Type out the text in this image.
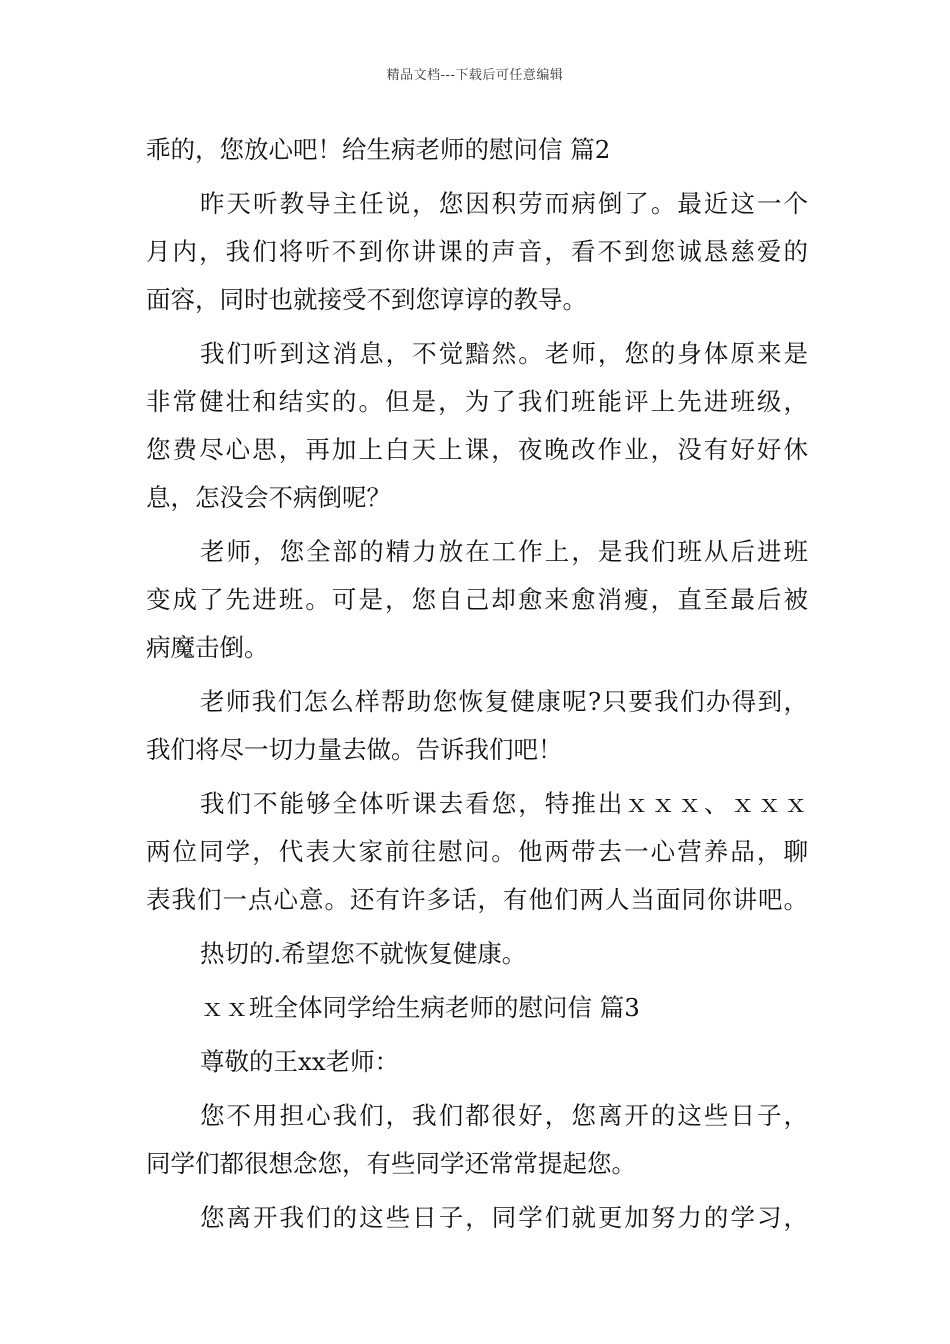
精品文档---下载后可任意编辑
乖的，您放心吧！给生病老师的慰问信 篇2
昨天听教导主任说，您因积劳而病倒了。最近这一个
月内，我们将听不到你讲课的声音，看不到您诚恳慈爱的
面容，同时也就接受不到您谆谆的教导。
我们听到这消息，不觉黯然。老师，您的身体原来是
非常健壮和结实的。但是，为了我们班能评上先进班级，
您费尽心思，再加上白天上课，夜晚改作业，没有好好休
息，怎没会不病倒呢？
老师，您全部的精力放在工作上，是我们班从后进班
变成了先进班。可是，您自己却愈来愈消瘦，直至最后被
病魔击倒。
老师我们怎么样帮助您恢复健康呢?只要我们办得到，
我们将尽一切力量去做。告诉我们吧！
我们不能够全体听课去看您，特推出ｘｘｘ、ｘｘｘ
两位同学，代表大家前往慰问。他两带去一心营养品，聊
表我们一点心意。还有许多话，有他们两人当面同你讲吧。
热切的.希望您不就恢复健康。
ｘｘ班全体同学给生病老师的慰问信 篇3
尊敬的王xx老师：
您不用担心我们，我们都很好，您离开的这些日子，
同学们都很想念您，有些同学还常常提起您。
您离开我们的这些日子，同学们就更加努力的学习，
